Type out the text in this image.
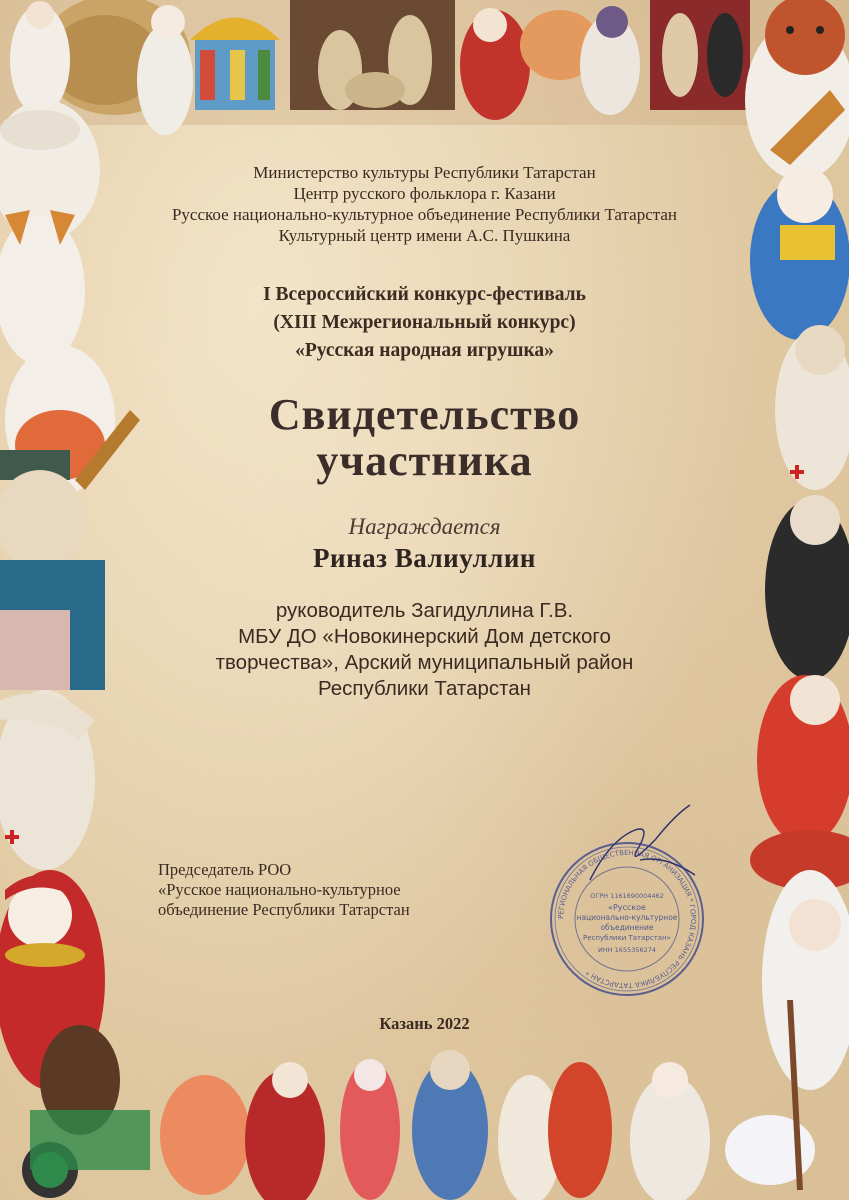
Министерство культуры Республики Татарстан
Центр русского фольклора г. Казани
Русское национально-культурное объединение Республики Татарстан
Культурный центр имени А.С. Пушкина
I Всероссийский конкурс-фестиваль
(XIII Межрегиональный конкурс)
«Русская народная игрушка»
Свидетельство
участника
Награждается
Риназ Валиуллин
руководитель Загидуллина Г.В.
МБУ ДО «Новокинерский Дом детского
творчества», Арский муниципальный район
Республики Татарстан
Председатель РОО
«Русское национально-культурное
объединение Республики Татарстан	РЕГИОНАЛЬНАЯ ОБЩЕСТВЕННАЯ ОРГАНИЗАЦИЯ * ГОРОД КАЗАНЬ РЕСПУБЛИКА ТАТАРСТАН *
ОГРН 1161690004462
«Русское
национально-культурное
объединение
Республики Татарстан»
ИНН 1655356274
Казань 2022
